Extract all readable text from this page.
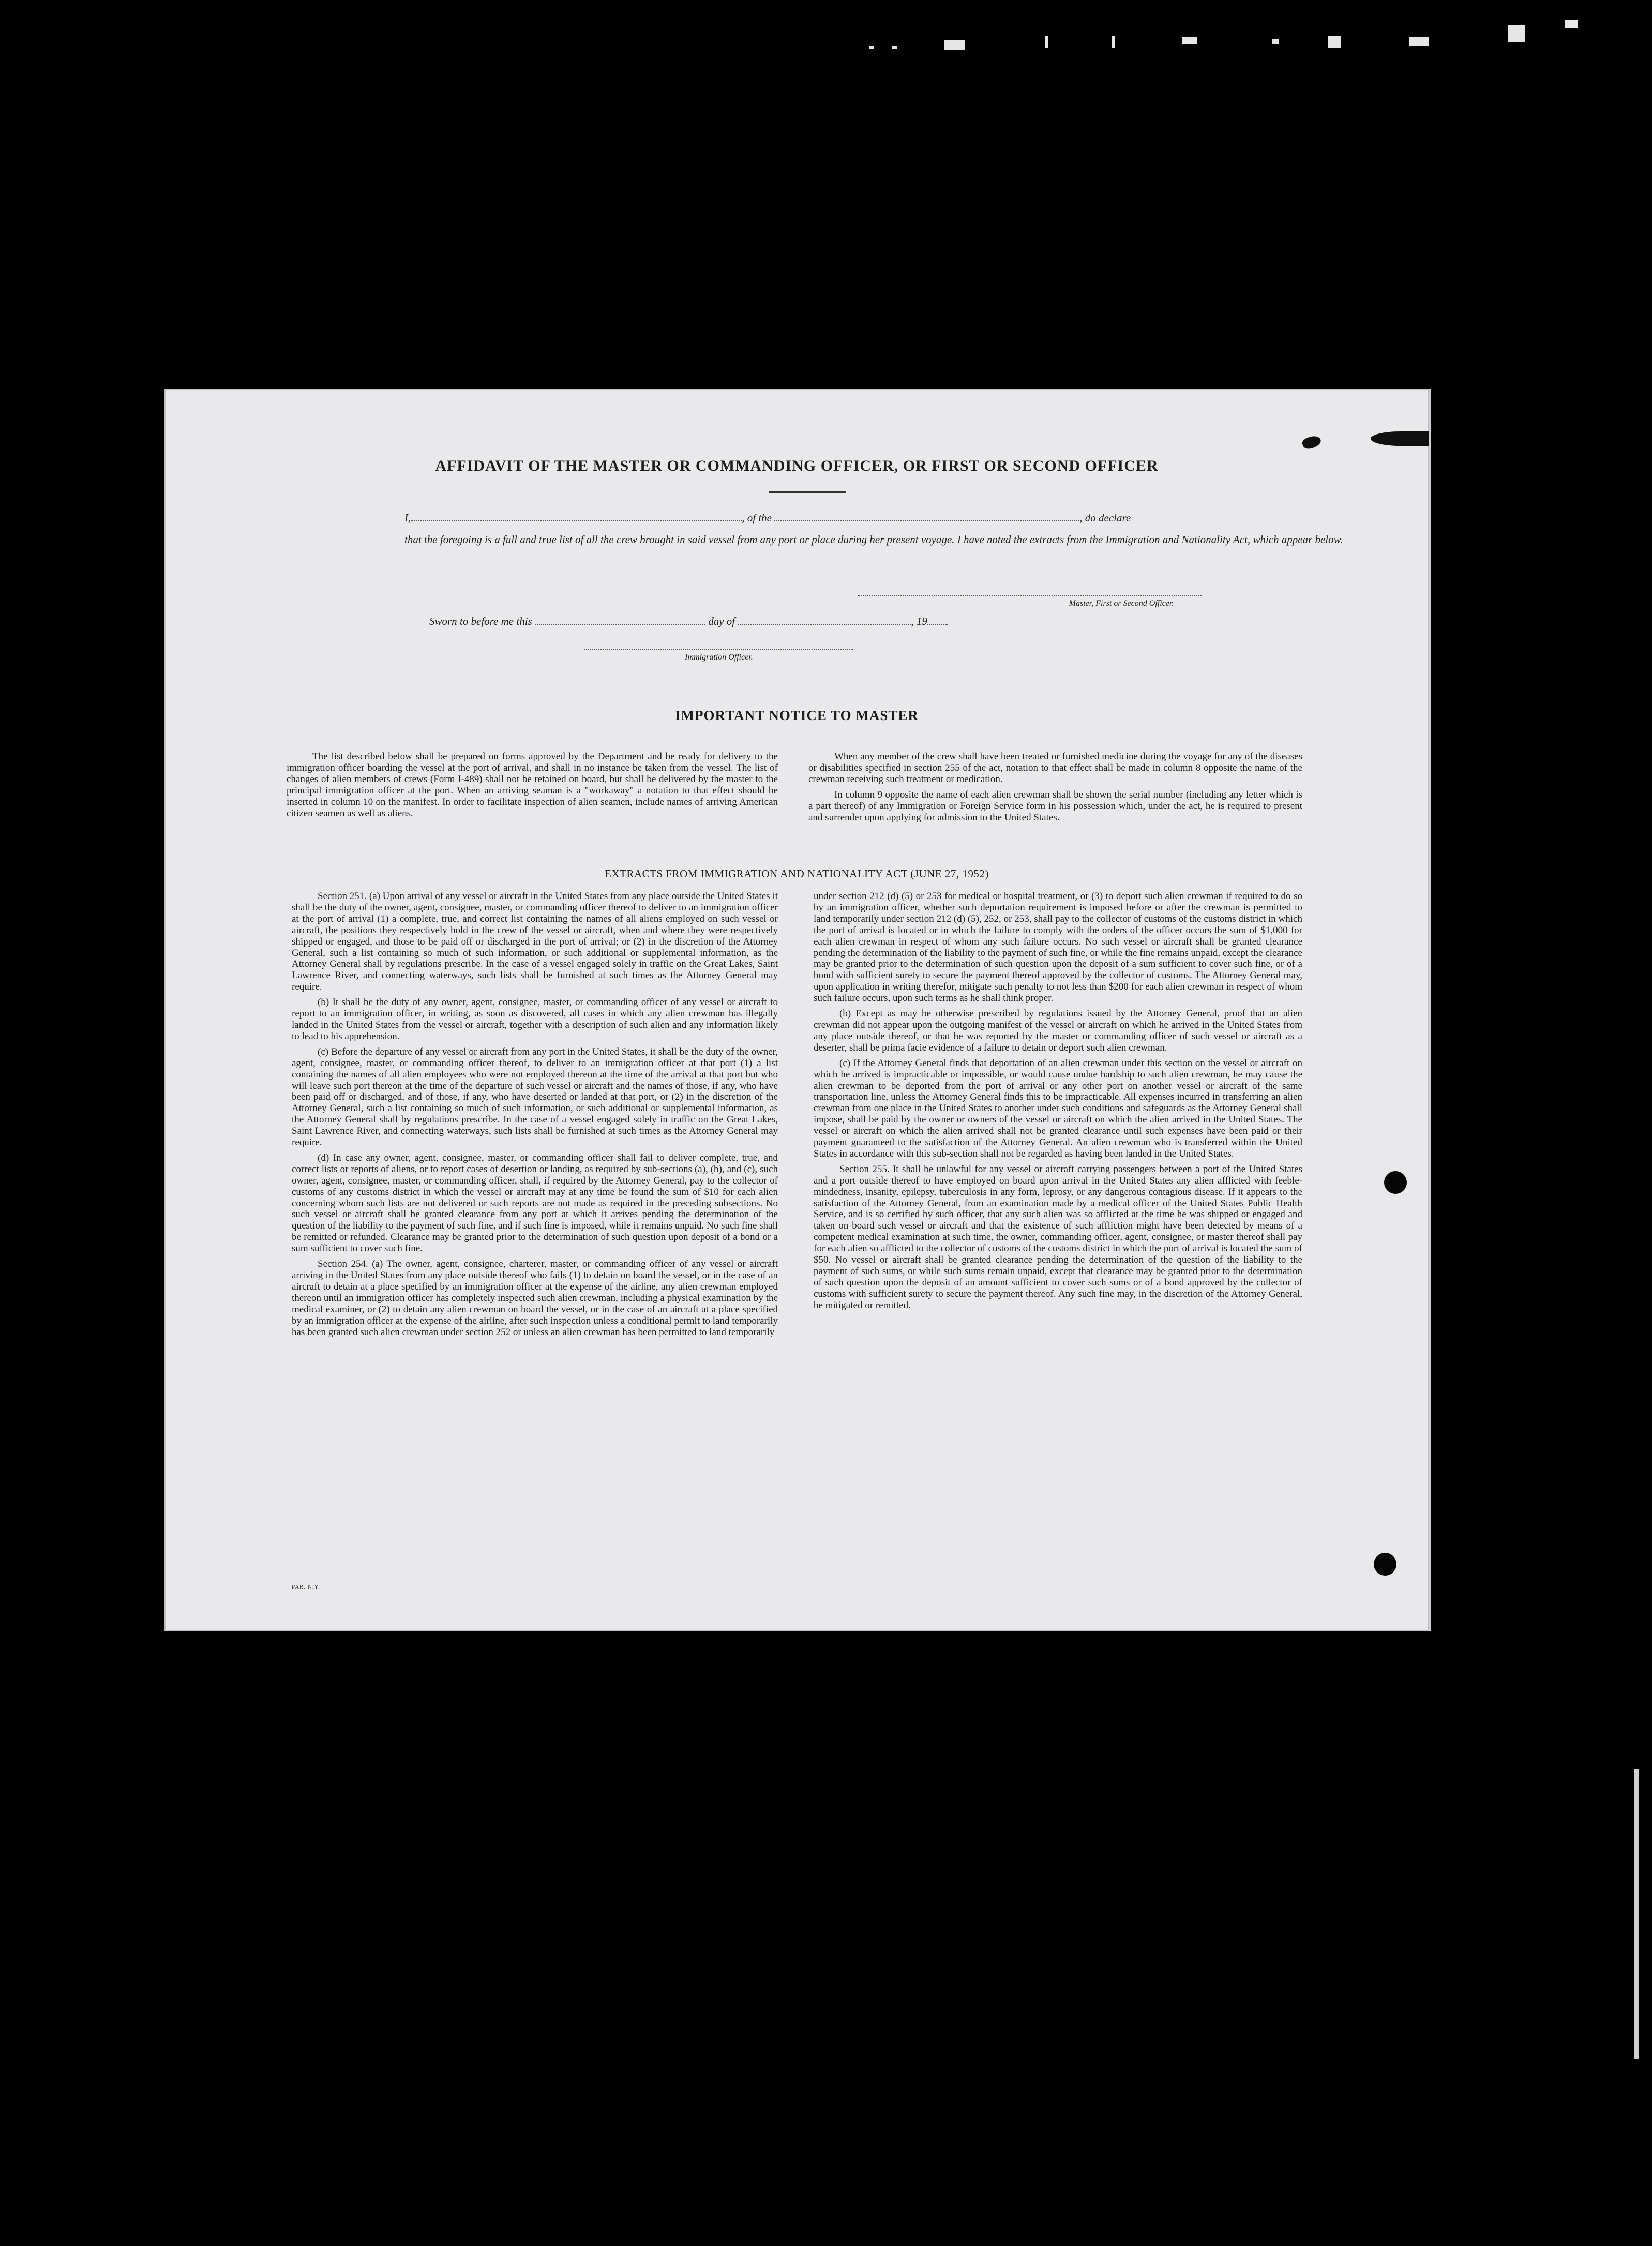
AFFIDAVIT OF THE MASTER OR COMMANDING OFFICER, OR FIRST OR SECOND OFFICER
I,	, of the	, do declare
that the foregoing is a full and true list of all the crew brought in said vessel from any port or place during her present voyage. I have noted the extracts from the Immigration and Nationality Act, which appear below.
Master, First or Second Officer.
Sworn to before me this	day of	, 19
Immigration Officer.
IMPORTANT NOTICE TO MASTER

The list described below shall be prepared on forms approved by the Department and be ready for delivery to the immigration officer boarding the vessel at the port of arrival, and shall in no instance be taken from the vessel. The list of changes of alien members of crews (Form I-489) shall not be retained on board, but shall be delivered by the master to the principal immigration officer at the port. When an arriving seaman is a "workaway" a notation to that effect should be inserted in column 10 on the manifest. In order to facilitate inspection of alien seamen, include names of arriving American citizen seamen as well as aliens.

When any member of the crew shall have been treated or furnished medicine during the voyage for any of the diseases or disabilities specified in section 255 of the act, notation to that effect shall be made in column 8 opposite the name of the crewman receiving such treatment or medication.

In column 9 opposite the name of each alien crewman shall be shown the serial number (including any letter which is a part thereof) of any Immigration or Foreign Service form in his possession which, under the act, he is required to present and surrender upon applying for admission to the United States.

EXTRACTS FROM IMMIGRATION AND NATIONALITY ACT (JUNE 27, 1952)

Section 251. (a) Upon arrival of any vessel or aircraft in the United States from any place outside the United States it shall be the duty of the owner, agent, consignee, master, or commanding officer thereof to deliver to an immigration officer at the port of arrival (1) a complete, true, and correct list containing the names of all aliens employed on such vessel or aircraft, the positions they respectively hold in the crew of the vessel or aircraft, when and where they were respectively shipped or engaged, and those to be paid off or discharged in the port of arrival; or (2) in the discretion of the Attorney General, such a list containing so much of such information, or such additional or supplemental information, as the Attorney General shall by regulations prescribe. In the case of a vessel engaged solely in traffic on the Great Lakes, Saint Lawrence River, and connecting waterways, such lists shall be furnished at such times as the Attorney General may require.

(b) It shall be the duty of any owner, agent, consignee, master, or commanding officer of any vessel or aircraft to report to an immigration officer, in writing, as soon as discovered, all cases in which any alien crewman has illegally landed in the United States from the vessel or aircraft, together with a description of such alien and any information likely to lead to his apprehension.

(c) Before the departure of any vessel or aircraft from any port in the United States, it shall be the duty of the owner, agent, consignee, master, or commanding officer thereof, to deliver to an immigration officer at that port (1) a list containing the names of all alien employees who were not employed thereon at the time of the arrival at that port but who will leave such port thereon at the time of the departure of such vessel or aircraft and the names of those, if any, who have been paid off or discharged, and of those, if any, who have deserted or landed at that port, or (2) in the discretion of the Attorney General, such a list containing so much of such information, or such additional or supplemental information, as the Attorney General shall by regulations prescribe. In the case of a vessel engaged solely in traffic on the Great Lakes, Saint Lawrence River, and connecting waterways, such lists shall be furnished at such times as the Attorney General may require.

(d) In case any owner, agent, consignee, master, or commanding officer shall fail to deliver complete, true, and correct lists or reports of aliens, or to report cases of desertion or landing, as required by sub-sections (a), (b), and (c), such owner, agent, consignee, master, or commanding officer, shall, if required by the Attorney General, pay to the collector of customs of any customs district in which the vessel or aircraft may at any time be found the sum of $10 for each alien concerning whom such lists are not delivered or such reports are not made as required in the preceding subsections. No such vessel or aircraft shall be granted clearance from any port at which it arrives pending the determination of the question of the liability to the payment of such fine, and if such fine is imposed, while it remains unpaid. No such fine shall be remitted or refunded. Clearance may be granted prior to the determination of such question upon deposit of a bond or a sum sufficient to cover such fine.

Section 254. (a) The owner, agent, consignee, charterer, master, or commanding officer of any vessel or aircraft arriving in the United States from any place outside thereof who fails (1) to detain on board the vessel, or in the case of an aircraft to detain at a place specified by an immigration officer at the expense of the airline, any alien crewman employed thereon until an immigration officer has completely inspected such alien crewman, including a physical examination by the medical examiner, or (2) to detain any alien crewman on board the vessel, or in the case of an aircraft at a place specified by an immigration officer at the expense of the airline, after such inspection unless a conditional permit to land temporarily has been granted such alien crewman under section 252 or unless an alien crewman has been permitted to land temporarily

under section 212 (d) (5) or 253 for medical or hospital treatment, or (3) to deport such alien crewman if required to do so by an immigration officer, whether such deportation requirement is imposed before or after the crewman is permitted to land temporarily under section 212 (d) (5), 252, or 253, shall pay to the collector of customs of the customs district in which the port of arrival is located or in which the failure to comply with the orders of the officer occurs the sum of $1,000 for each alien crewman in respect of whom any such failure occurs. No such vessel or aircraft shall be granted clearance pending the determination of the liability to the payment of such fine, or while the fine remains unpaid, except the clearance may be granted prior to the determination of such question upon the deposit of a sum sufficient to cover such fine, or of a bond with sufficient surety to secure the payment thereof approved by the collector of customs. The Attorney General may, upon application in writing therefor, mitigate such penalty to not less than $200 for each alien crewman in respect of whom such failure occurs, upon such terms as he shall think proper.

(b) Except as may be otherwise prescribed by regulations issued by the Attorney General, proof that an alien crewman did not appear upon the outgoing manifest of the vessel or aircraft on which he arrived in the United States from any place outside thereof, or that he was reported by the master or commanding officer of such vessel or aircraft as a deserter, shall be prima facie evidence of a failure to detain or deport such alien crewman.

(c) If the Attorney General finds that deportation of an alien crewman under this section on the vessel or aircraft on which he arrived is impracticable or impossible, or would cause undue hardship to such alien crewman, he may cause the alien crewman to be deported from the port of arrival or any other port on another vessel or aircraft of the same transportation line, unless the Attorney General finds this to be impracticable. All expenses incurred in transferring an alien crewman from one place in the United States to another under such conditions and safeguards as the Attorney General shall impose, shall be paid by the owner or owners of the vessel or aircraft on which the alien arrived in the United States. The vessel or aircraft on which the alien arrived shall not be granted clearance until such expenses have been paid or their payment guaranteed to the satisfaction of the Attorney General. An alien crewman who is transferred within the United States in accordance with this sub-section shall not be regarded as having been landed in the United States.

Section 255. It shall be unlawful for any vessel or aircraft carrying passengers between a port of the United States and a port outside thereof to have employed on board upon arrival in the United States any alien afflicted with feeble-mindedness, insanity, epilepsy, tuberculosis in any form, leprosy, or any dangerous contagious disease. If it appears to the satisfaction of the Attorney General, from an examination made by a medical officer of the United States Public Health Service, and is so certified by such officer, that any such alien was so afflicted at the time he was shipped or engaged and taken on board such vessel or aircraft and that the existence of such affliction might have been detected by means of a competent medical examination at such time, the owner, commanding officer, agent, consignee, or master thereof shall pay for each alien so afflicted to the collector of customs of the customs district in which the port of arrival is located the sum of $50. No vessel or aircraft shall be granted clearance pending the determination of the question of the liability to the payment of such sums, or while such sums remain unpaid, except that clearance may be granted prior to the determination of such question upon the deposit of an amount sufficient to cover such sums or of a bond approved by the collector of customs with sufficient surety to secure the payment thereof. Any such fine may, in the discretion of the Attorney General, be mitigated or remitted.

PAR. N.Y.
